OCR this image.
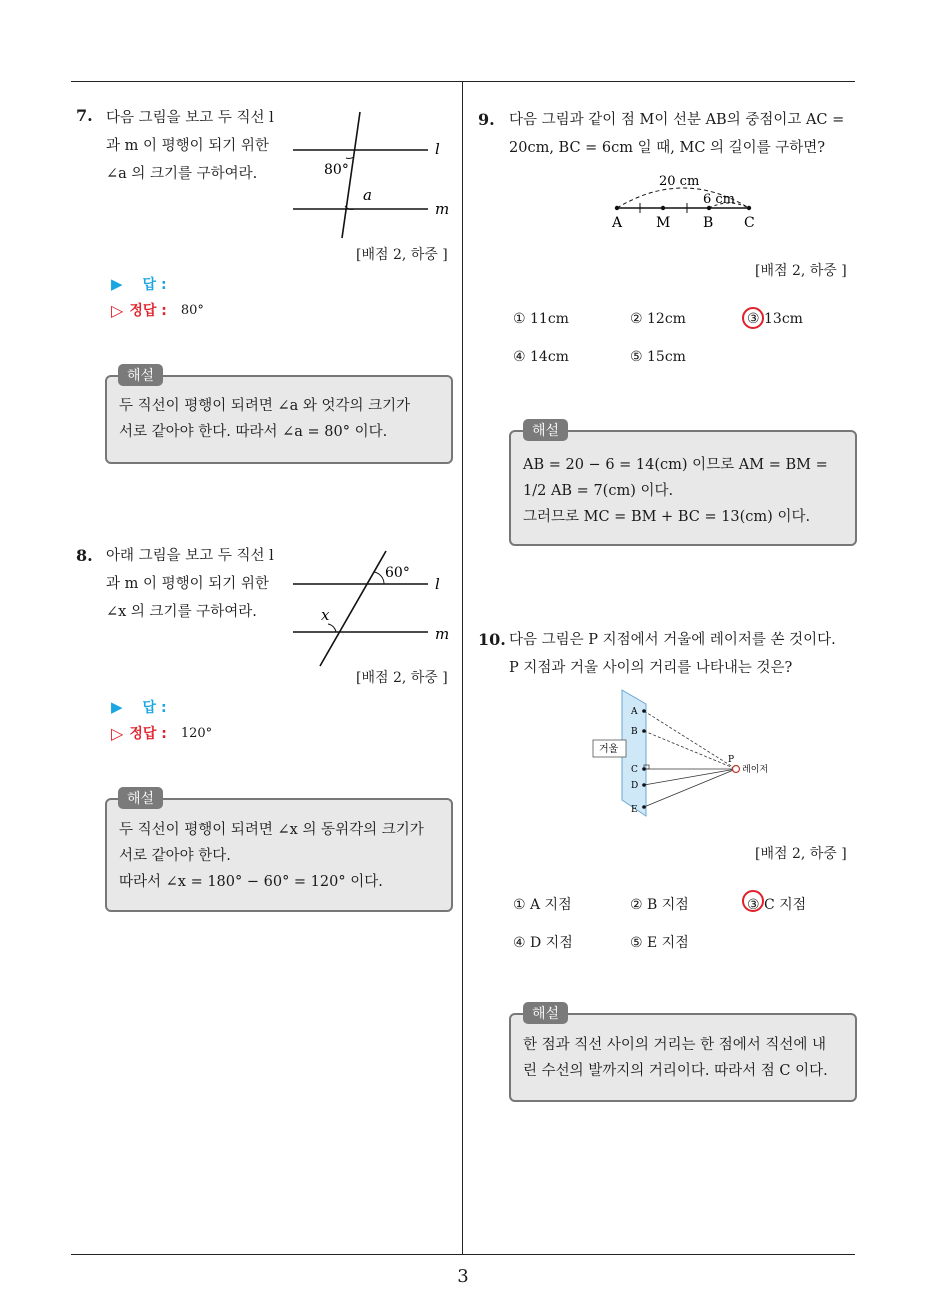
7. 다음 그림을 보고 두 직선 l
과 m 이 평행이 되기 위한
∠a 의 크기를 구하여라.	80°
a
l
m
[배점 2, 하중 ]
▶ 답 :
▷ 정답 : 80°
두 직선이 평행이 되려면 ∠a 와 엇각의 크기가
서로 같아야 한다. 따라서 ∠a = 80° 이다.
해설
8. 아래 그림을 보고 두 직선 l
과 m 이 평행이 되기 위한
∠x 의 크기를 구하여라.
60°
x
l
m
[배점 2, 하중 ]
▶ 답 :
▷ 정답 : 120°
두 직선이 평행이 되려면 ∠x 의 동위각의 크기가
서로 같아야 한다.
따라서 ∠x = 180° − 60° = 120° 이다.
해설
9. 다음 그림과 같이 점 M이 선분 AB의 중점이고 AC =
20cm, BC = 6cm 일 때, MC 의 길이를 구하면?
20 cm
6 cm
A M B C
[배점 2, 하중 ]
① 11cm	② 12cm	③ 13cm
④ 14cm	⑤ 15cm
AB = 20 − 6 = 14(cm) 이므로 AM = BM =
1/2 AB = 7(cm) 이다.
그러므로 MC = BM + BC = 13(cm) 이다.
해설
10. 다음 그림은 P 지점에서 거울에 레이저를 쏜 것이다.
P 지점과 거울 사이의 거리를 나타내는 것은?
A
B
C
D
E
P
레이저
거울
[배점 2, 하중 ]
① A 지점	② B 지점	③ C 지점
④ D 지점	⑤ E 지점
한 점과 직선 사이의 거리는 한 점에서 직선에 내
린 수선의 발까지의 거리이다. 따라서 점 C 이다.
해설
3
